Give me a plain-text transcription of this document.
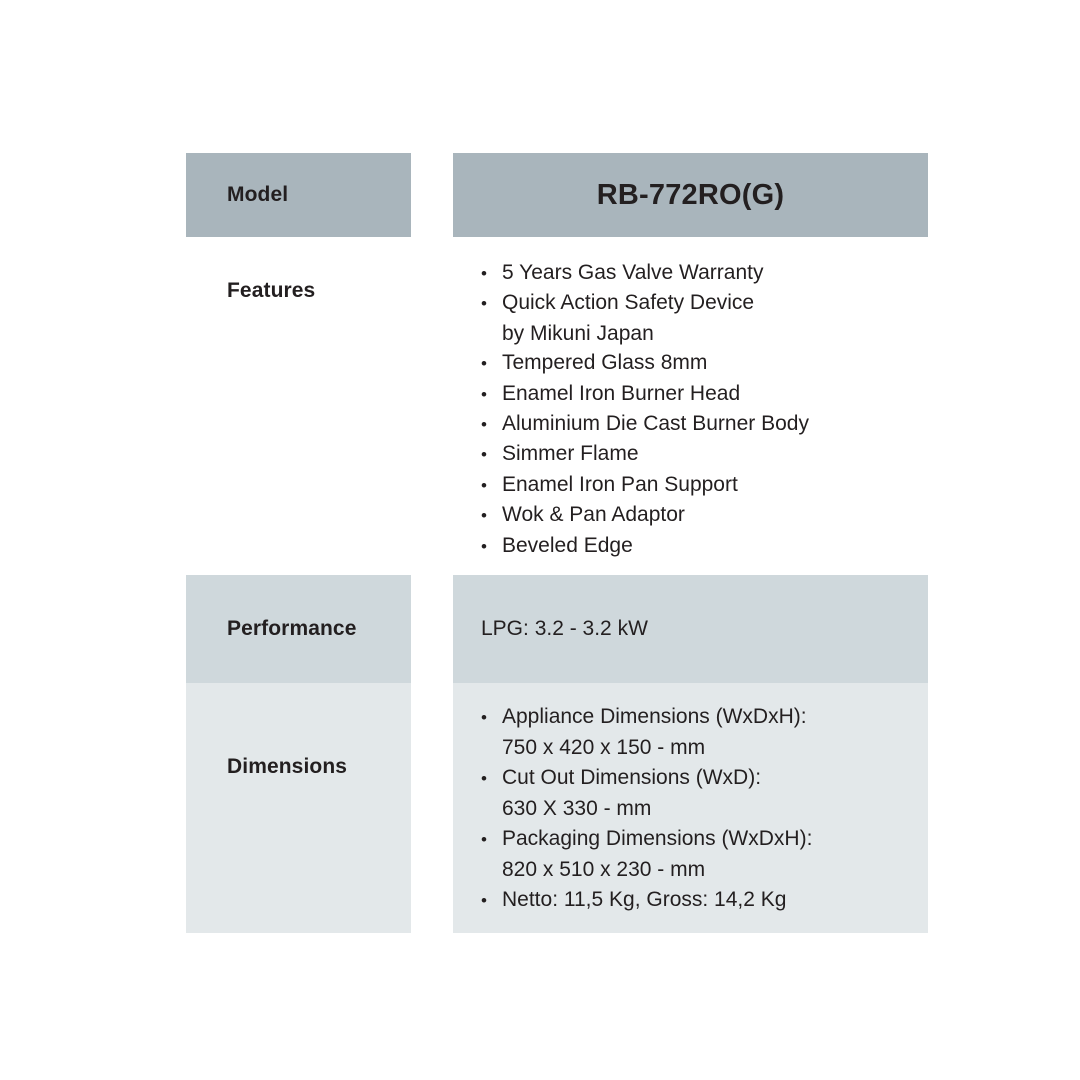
Model	RB-772RO(G)
Features
• 5 Years Gas Valve Warranty
• Quick Action Safety Device
by Mikuni Japan
• Tempered Glass 8mm
• Enamel Iron Burner Head
• Aluminium Die Cast Burner Body
• Simmer Flame
• Enamel Iron Pan Support
• Wok & Pan Adaptor
• Beveled Edge
Performance	LPG: 3.2 - 3.2 kW
Dimensions
• Appliance Dimensions (WxDxH):
750 x 420 x 150 - mm
• Cut Out Dimensions (WxD):
630 X 330 - mm
• Packaging Dimensions (WxDxH):
820 x 510 x 230 - mm
• Netto: 11,5 Kg, Gross: 14,2 Kg
